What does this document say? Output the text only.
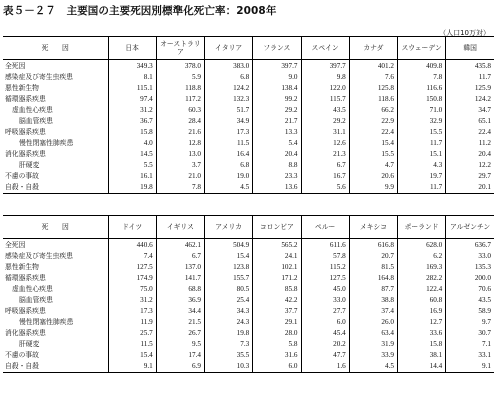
表５－２７　主要国の主要死因別標準化死亡率：2008年
（人口10万対）
死　　因	日本	オーストラリア	イタリア	フランス	スペイン	カナダ	スウェーデン	韓国
全死因	349.3	378.0	383.0	397.7	397.7	401.2	409.8	435.8
感染症及び寄生虫疾患	8.1	5.9	6.8	9.0	9.8	7.6	7.8	11.7
悪性新生物	115.1	118.8	124.2	138.4	122.0	125.8	116.6	125.9
循環器系疾患	97.4	117.2	132.3	99.2	115.7	118.6	150.8	124.2
虚血性心疾患	31.2	60.3	51.7	29.2	43.5	66.2	71.0	34.7
脳血管疾患	36.7	28.4	34.9	21.7	29.2	22.9	32.9	65.1
呼吸器系疾患	15.8	21.6	17.3	13.3	31.1	22.4	15.5	22.4
慢性閉塞性肺疾患	4.0	12.8	11.5	5.4	12.6	15.4	11.7	11.2
消化器系疾患	14.5	13.0	16.4	20.4	21.3	15.5	15.1	20.4
肝硬変	5.5	3.7	6.8	8.8	6.7	4.7	4.3	12.2
不慮の事故	16.1	21.0	19.0	23.3	16.7	20.6	19.7	29.7
自殺・自殺	19.8	7.8	4.5	13.6	5.6	9.9	11.7	20.1
死　　因	ドイツ	イギリス	アメリカ	コロンビア	ペルー	メキシコ	ポーランド	アルゼンチン
全死因	440.6	462.1	504.9	565.2	611.6	616.8	628.0	636.7
感染症及び寄生虫疾患	7.4	6.7	15.4	24.1	57.8	20.7	6.2	33.0
悪性新生物	127.5	137.0	123.8	102.1	115.2	81.5	169.3	135.3
循環器系疾患	174.9	141.7	155.7	171.2	127.5	164.8	282.2	200.0
虚血性心疾患	75.0	68.8	80.5	85.8	45.0	87.7	122.4	70.6
脳血管疾患	31.2	36.9	25.4	42.2	33.0	38.8	60.8	43.5
呼吸器系疾患	17.3	34.4	34.3	37.7	27.7	37.4	16.9	58.9
慢性閉塞性肺疾患	11.9	21.5	24.3	29.1	6.0	26.0	12.7	9.7
消化器系疾患	25.7	26.7	19.8	28.0	45.4	63.4	33.6	30.7
肝硬変	11.5	9.5	7.3	5.8	20.2	31.9	15.8	7.1
不慮の事故	15.4	17.4	35.5	31.6	47.7	33.9	38.1	33.1
自殺・自殺	9.1	6.9	10.3	6.0	1.6	4.5	14.4	9.1
